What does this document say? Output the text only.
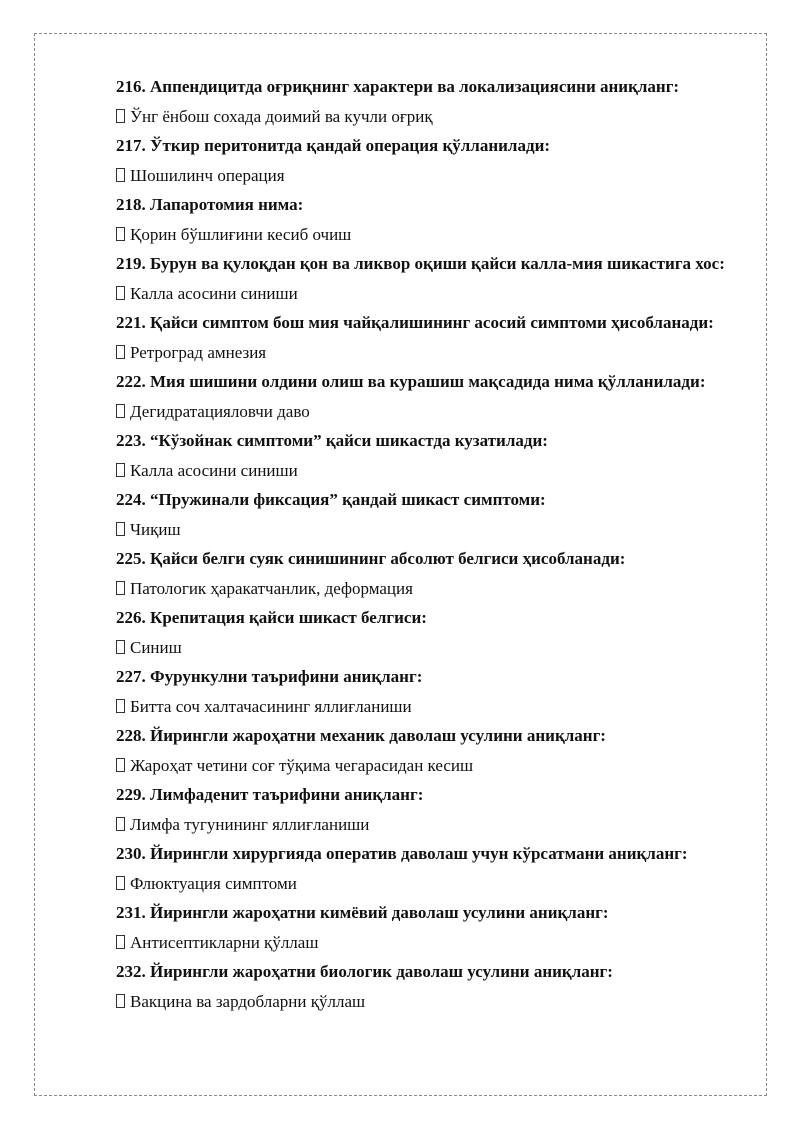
216. Аппендицитда оғриқнинг характери ва локализациясини аниқланг:

Ўнг ёнбош сохада доимий ва кучли оғриқ

217. Ўткир перитонитда қандай операция қўлланилади:

Шошилинч операция

218. Лапаротомия нима:

Қорин бўшлиғини кесиб очиш

219. Бурун ва қулоқдан қон ва ликвор оқиши қайси калла-мия шикастига хос:

Калла асосини синиши

221. Қайси симптом бош мия чайқалишининг асосий симптоми ҳисобланади:

Ретроград амнезия

222. Мия шишини олдини олиш ва курашиш мақсадида нима қўлланилади:

Дегидратацияловчи даво

223. “Кўзойнак симптоми” қайси шикастда кузатилади:

Калла асосини синиши

224. “Пружинали фиксация” қандай шикаст симптоми:

Чиқиш

225. Қайси белги суяк синишининг абсолют белгиси ҳисобланади:

Патологик ҳаракатчанлик, деформация

226. Крепитация қайси шикаст белгиси:

Синиш

227. Фурункулни таърифини аниқланг:

Битта соч халтачасининг яллиғланиши

228. Йирингли жароҳатни механик даволаш усулини аниқланг:

Жароҳат четини соғ тўқима чегарасидан кесиш

229. Лимфаденит таърифини аниқланг:

Лимфа тугунининг яллиғланиши

230. Йирингли хирургияда оператив даволаш учун кўрсатмани аниқланг:

Флюктуация симптоми

231. Йирингли жароҳатни кимёвий даволаш усулини аниқланг:

Антисептикларни қўллаш

232. Йирингли жароҳатни биологик даволаш усулини аниқланг:

Вакцина ва зардобларни қўллаш
